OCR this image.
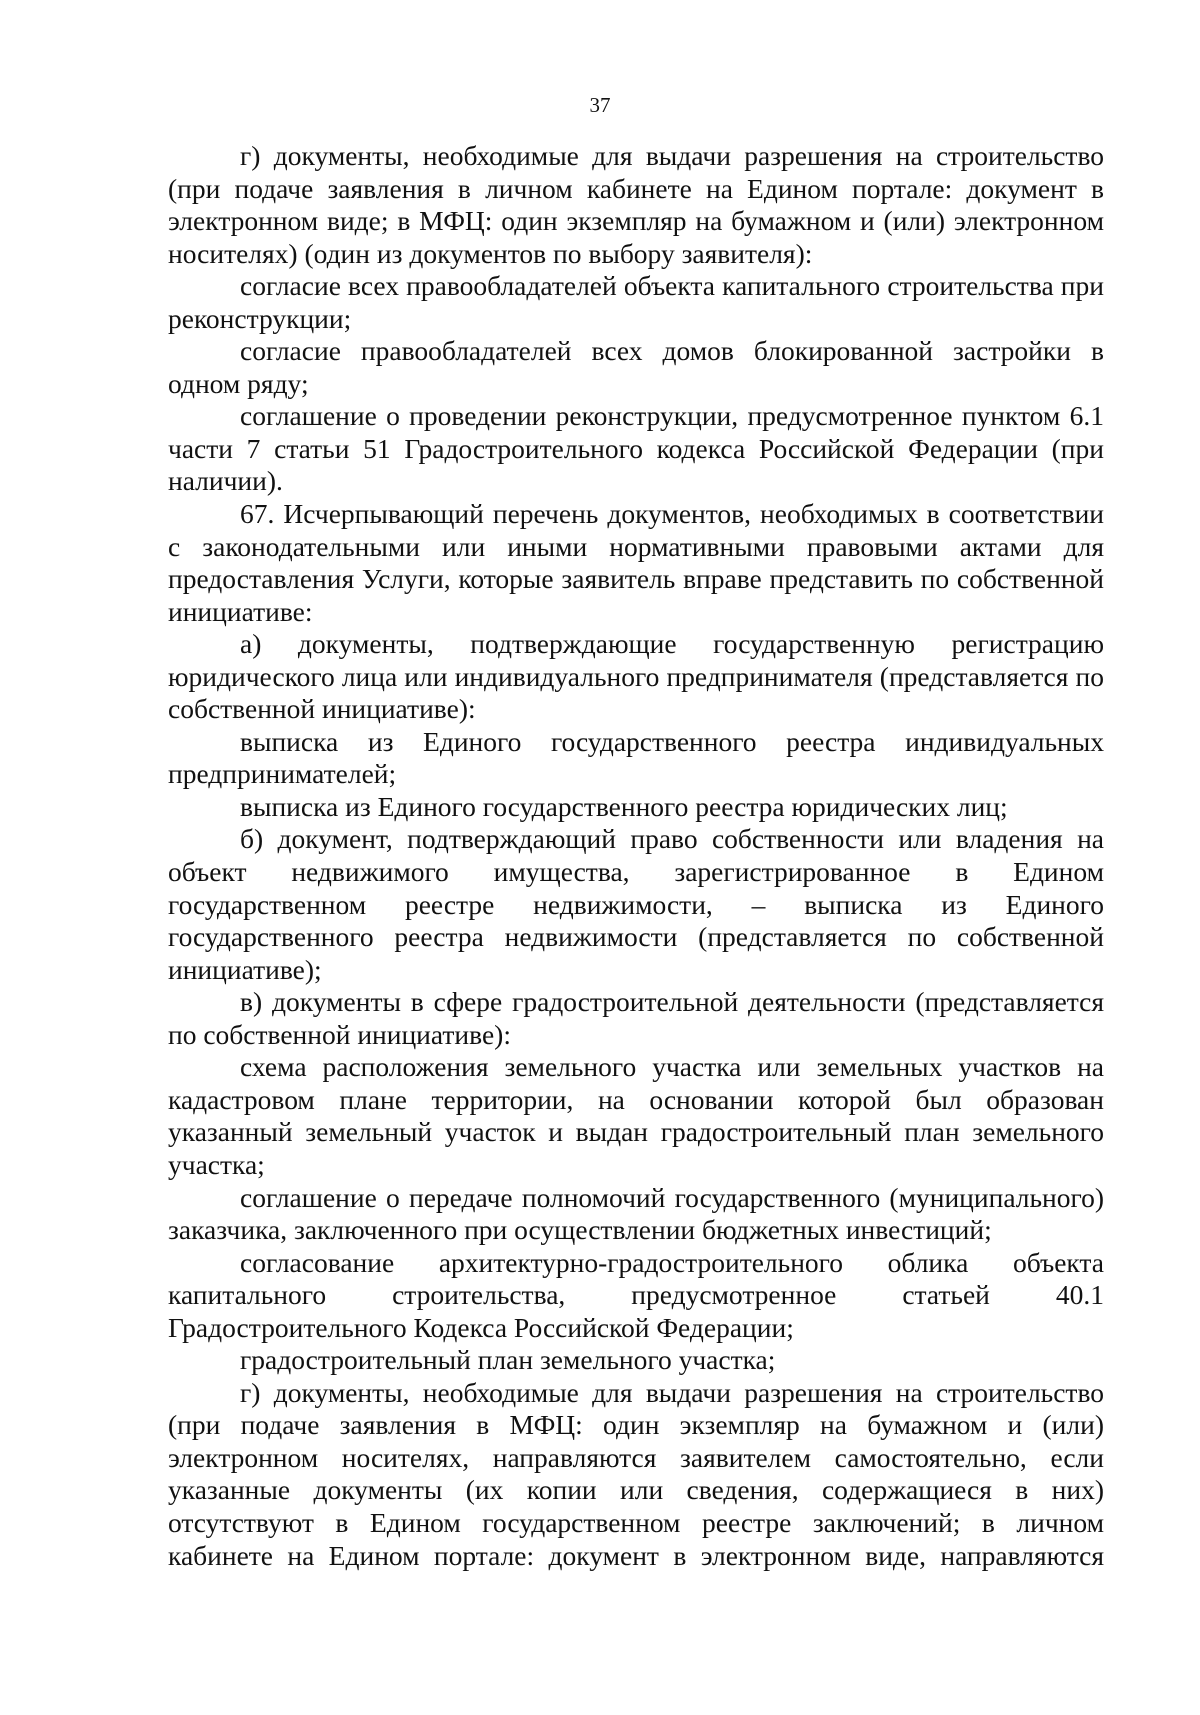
37

г) документы, необходимые для выдачи разрешения на строительство (при подаче заявления в личном кабинете на Едином портале: документ в электронном виде; в МФЦ: один экземпляр на бумажном и (или) электронном носителях) (один из документов по выбору заявителя):

согласие всех правообладателей объекта капитального строительства при реконструкции;

согласие правообладателей всех домов блокированной застройки в одном ряду;

соглашение о проведении реконструкции, предусмотренное пунктом 6.1 части 7 статьи 51 Градостроительного кодекса Российской Федерации (при наличии).

67. Исчерпывающий перечень документов, необходимых в соответствии с законодательными или иными нормативными правовыми актами для предоставления Услуги, которые заявитель вправе представить по собственной инициативе:

а) документы, подтверждающие государственную регистрацию юридического лица или индивидуального предпринимателя (представляется по собственной инициативе):

выписка из Единого государственного реестра индивидуальных предпринимателей;

выписка из Единого государственного реестра юридических лиц;

б) документ, подтверждающий право собственности или владения на объект недвижимого имущества, зарегистрированное в Едином государственном реестре недвижимости, – выписка из Единого государственного реестра недвижимости (представляется по собственной инициативе);

в) документы в сфере градостроительной деятельности (представляется по собственной инициативе):

схема расположения земельного участка или земельных участков на кадастровом плане территории, на основании которой был образован указанный земельный участок и выдан градостроительный план земельного участка;

соглашение о передаче полномочий государственного (муниципального) заказчика, заключенного при осуществлении бюджетных инвестиций;

согласование архитектурно-градостроительного облика объекта капитального строительства, предусмотренное статьей 40.1 Градостроительного Кодекса Российской Федерации;

градостроительный план земельного участка;

г) документы, необходимые для выдачи разрешения на строительство (при подаче заявления в МФЦ: один экземпляр на бумажном и (или) электронном носителях, направляются заявителем самостоятельно, если указанные документы (их копии или сведения, содержащиеся в них) отсутствуют в Едином государственном реестре заключений; в личном кабинете на Едином портале: документ в электронном виде, направляются
